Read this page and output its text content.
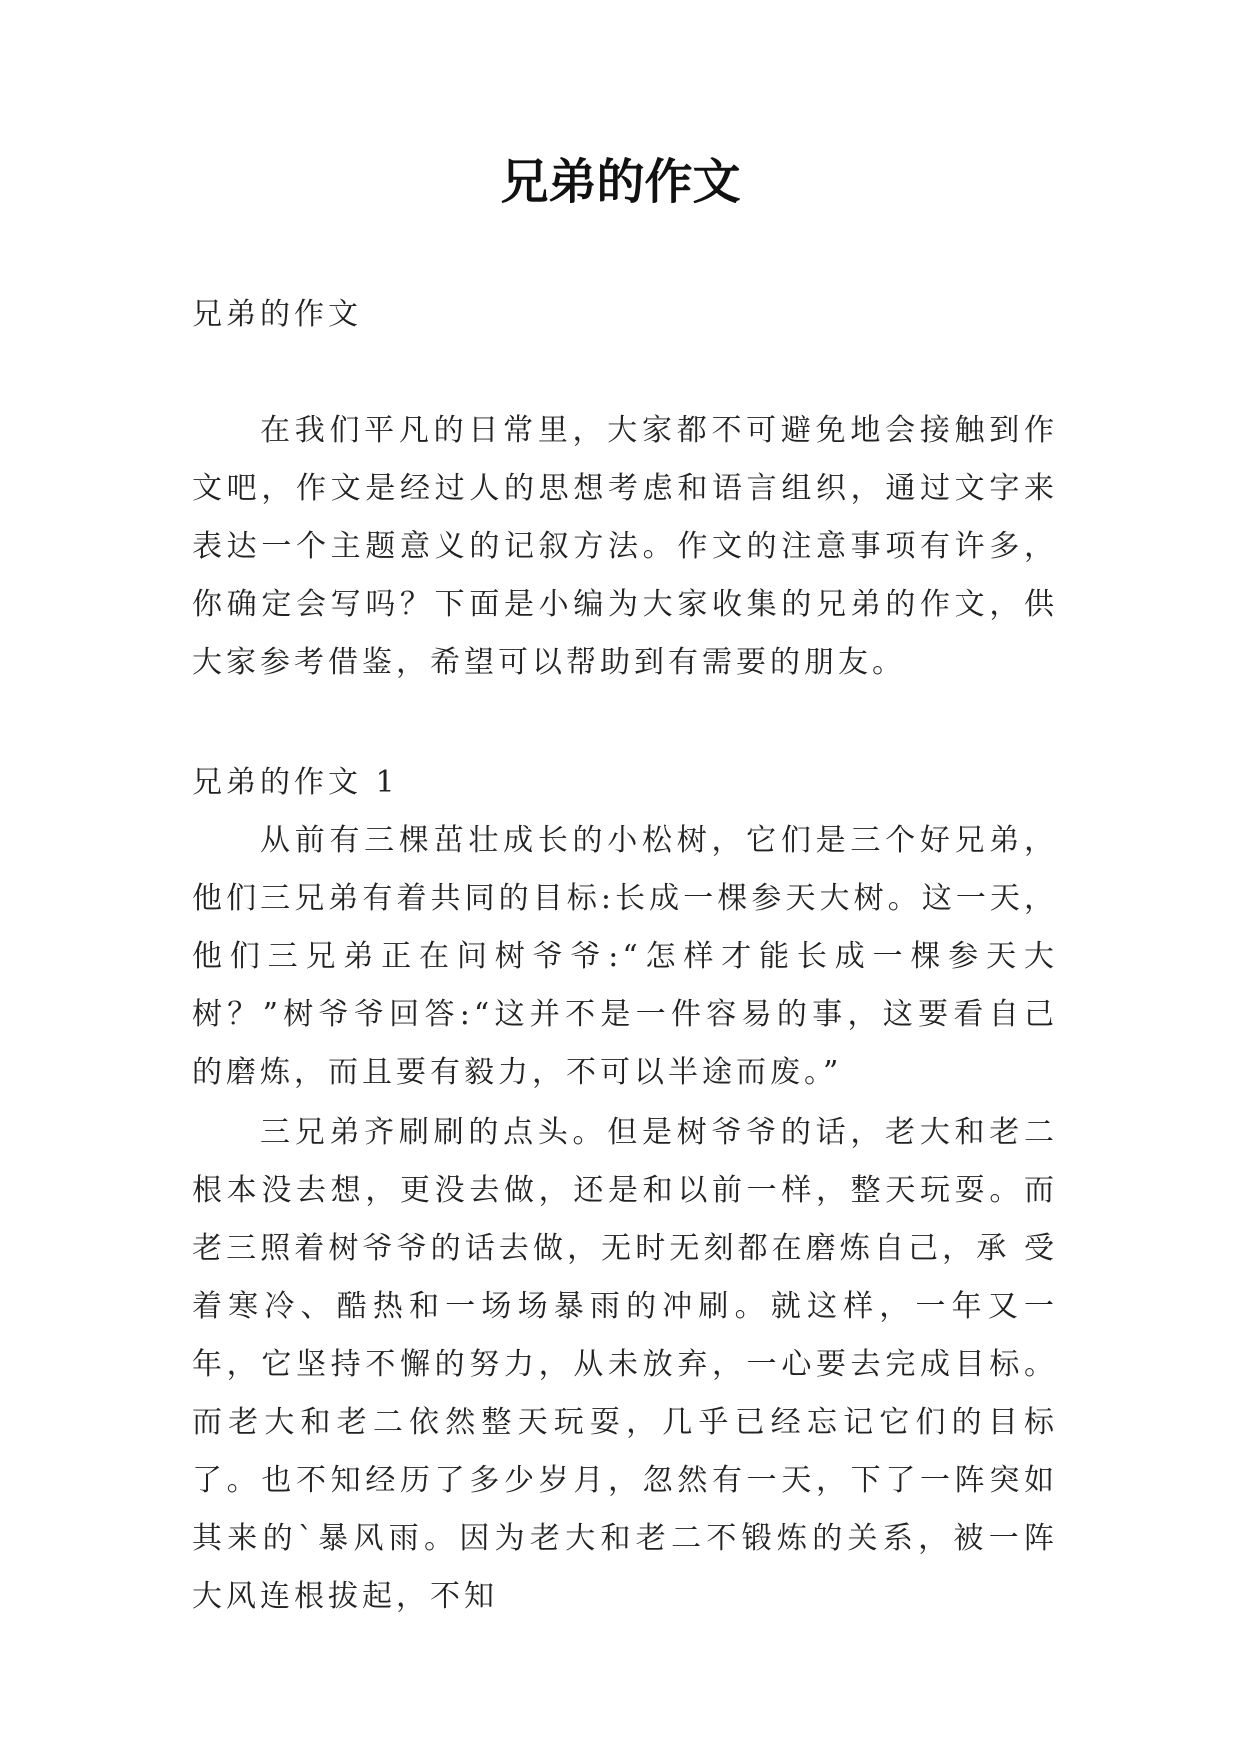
兄弟的作文

兄弟的作文

在我们平凡的日常里，大家都不可避免地会接触到作文吧，作文是经过人的思想考虑和语言组织，通过文字来表达一个主题意义的记叙方法。作文的注意事项有许多，你确定会写吗？下面是小编为大家收集的兄弟的作文，供大家参考借鉴，希望可以帮助到有需要的朋友。

兄弟的作文 1

从前有三棵茁壮成长的小松树，它们是三个好兄弟，他们三兄弟有着共同的目标:长成一棵参天大树。这一天，他们三兄弟正在问树爷爷:“怎样才能长成一棵参天大树？”树爷爷回答:“这并不是一件容易的事，这要看自己的磨炼，而且要有毅力，不可以半途而废。”

三兄弟齐刷刷的点头。但是树爷爷的话，老大和老二根本没去想，更没去做，还是和以前一样，整天玩耍。而老三照着树爷爷的话去做，无时无刻都在磨炼自己，承 受着寒冷、酷热和一场场暴雨的冲刷。就这样，一年又一年，它坚持不懈的努力，从未放弃，一心要去完成目标。而老大和老二依然整天玩耍，几乎已经忘记它们的目标了。也不知经历了多少岁月，忽然有一天，下了一阵突如其来的`暴风雨。因为老大和老二不锻炼的关系，被一阵大风连根拔起，不知
